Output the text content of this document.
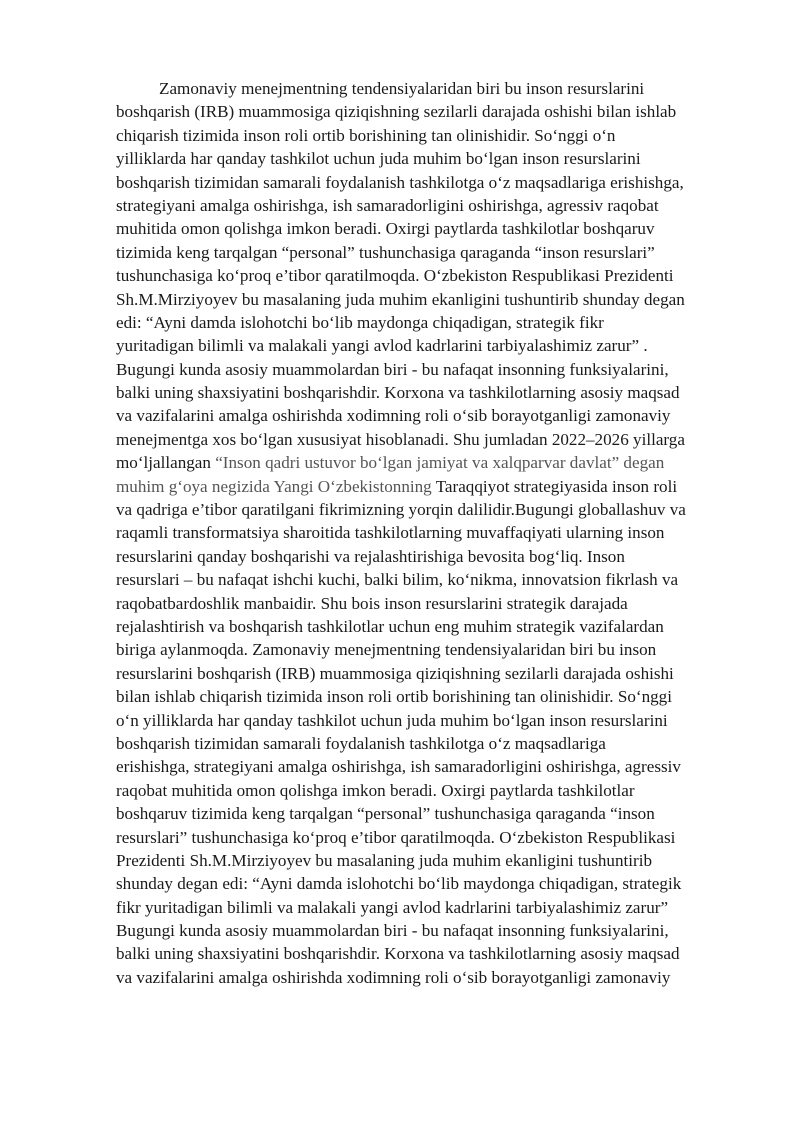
Zamonaviy menejmentning tendensiyalaridan biri bu inson resurslarini
boshqarish (IRB) muammosiga qiziqishning sezilarli darajada oshishi bilan ishlab
chiqarish tizimida inson roli ortib borishining tan olinishidir. So‘nggi o‘n
yilliklarda har qanday tashkilot uchun juda muhim bo‘lgan inson resurslarini
boshqarish tizimidan samarali foydalanish tashkilotga o‘z maqsadlariga erishishga,
strategiyani amalga oshirishga, ish samaradorligini oshirishga, agressiv raqobat
muhitida omon qolishga imkon beradi. Oxirgi paytlarda tashkilotlar boshqaruv
tizimida keng tarqalgan “personal” tushunchasiga qaraganda “inson resurslari”
tushunchasiga ko‘proq e’tibor qaratilmoqda. O‘zbekiston Respublikasi Prezidenti
Sh.M.Mirziyoyev bu masalaning juda muhim ekanligini tushuntirib shunday degan
edi: “Ayni damda islohotchi bo‘lib maydonga chiqadigan, strategik fikr
yuritadigan bilimli va malakali yangi avlod kadrlarini tarbiyalashimiz zarur” .
Bugungi kunda asosiy muammolardan biri - bu nafaqat insonning funksiyalarini,
balki uning shaxsiyatini boshqarishdir. Korxona va tashkilotlarning asosiy maqsad
va vazifalarini amalga oshirishda xodimning roli o‘sib borayotganligi zamonaviy
menejmentga xos bo‘lgan xususiyat hisoblanadi. Shu jumladan 2022–2026 yillarga
mo‘ljallangan “Inson qadri ustuvor bo‘lgan jamiyat va xalqparvar davlat” degan
muhim g‘oya negizida Yangi O‘zbekistonning Taraqqiyot strategiyasida inson roli
va qadriga e’tibor qaratilgani fikrimizning yorqin dalilidir.Bugungi globallashuv va
raqamli transformatsiya sharoitida tashkilotlarning muvaffaqiyati ularning inson
resurslarini qanday boshqarishi va rejalashtirishiga bevosita bog‘liq. Inson
resurslari – bu nafaqat ishchi kuchi, balki bilim, ko‘nikma, innovatsion fikrlash va
raqobatbardoshlik manbaidir. Shu bois inson resurslarini strategik darajada
rejalashtirish va boshqarish tashkilotlar uchun eng muhim strategik vazifalardan
biriga aylanmoqda. Zamonaviy menejmentning tendensiyalaridan biri bu inson
resurslarini boshqarish (IRB) muammosiga qiziqishning sezilarli darajada oshishi
bilan ishlab chiqarish tizimida inson roli ortib borishining tan olinishidir. So‘nggi
o‘n yilliklarda har qanday tashkilot uchun juda muhim bo‘lgan inson resurslarini
boshqarish tizimidan samarali foydalanish tashkilotga o‘z maqsadlariga
erishishga, strategiyani amalga oshirishga, ish samaradorligini oshirishga, agressiv
raqobat muhitida omon qolishga imkon beradi. Oxirgi paytlarda tashkilotlar
boshqaruv tizimida keng tarqalgan “personal” tushunchasiga qaraganda “inson
resurslari” tushunchasiga ko‘proq e’tibor qaratilmoqda. O‘zbekiston Respublikasi
Prezidenti Sh.M.Mirziyoyev bu masalaning juda muhim ekanligini tushuntirib
shunday degan edi: “Ayni damda islohotchi bo‘lib maydonga chiqadigan, strategik
fikr yuritadigan bilimli va malakali yangi avlod kadrlarini tarbiyalashimiz zarur”
Bugungi kunda asosiy muammolardan biri - bu nafaqat insonning funksiyalarini,
balki uning shaxsiyatini boshqarishdir. Korxona va tashkilotlarning asosiy maqsad
va vazifalarini amalga oshirishda xodimning roli o‘sib borayotganligi zamonaviy
